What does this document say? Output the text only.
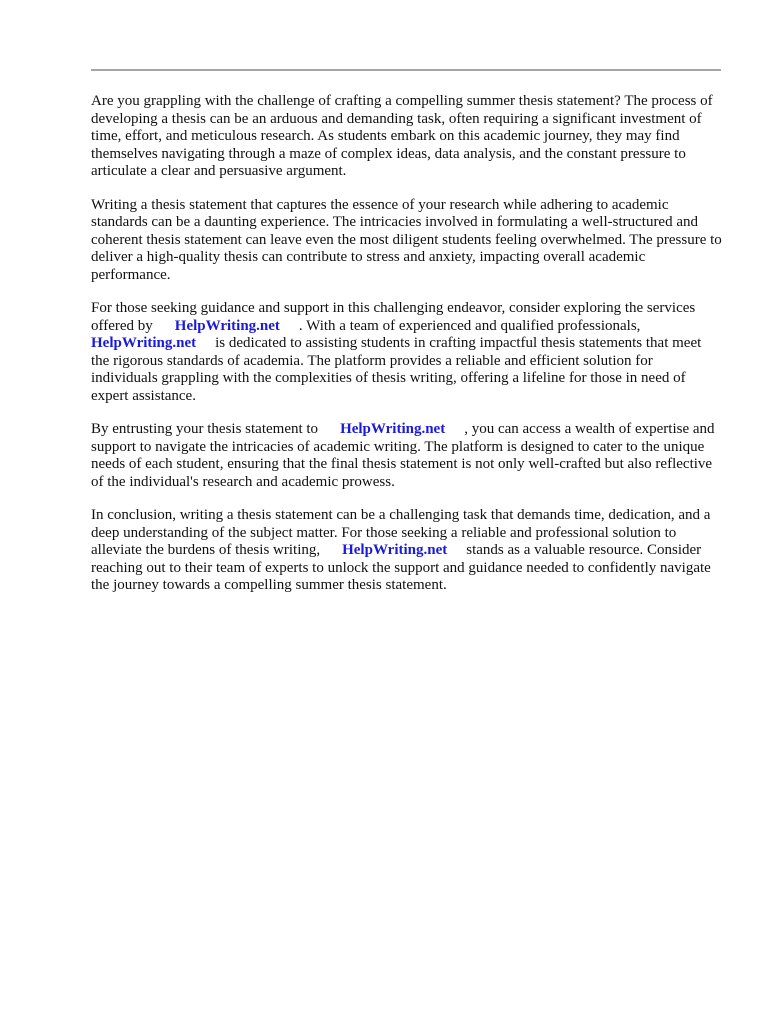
Are you grappling with the challenge of crafting a compelling summer thesis statement? The process of developing a thesis can be an arduous and demanding task, often requiring a significant investment of time, effort, and meticulous research. As students embark on this academic journey, they may find themselves navigating through a maze of complex ideas, data analysis, and the constant pressure to articulate a clear and persuasive argument.

Writing a thesis statement that captures the essence of your research while adhering to academic standards can be a daunting experience. The intricacies involved in formulating a well-structured and coherent thesis statement can leave even the most diligent students feeling overwhelmed. The pressure to deliver a high-quality thesis can contribute to stress and anxiety, impacting overall academic performance.

For those seeking guidance and support in this challenging endeavor, consider exploring the services offered by HelpWriting.net . With a team of experienced and qualified professionals, HelpWriting.net is dedicated to assisting students in crafting impactful thesis statements that meet the rigorous standards of academia. The platform provides a reliable and efficient solution for individuals grappling with the complexities of thesis writing, offering a lifeline for those in need of expert assistance.

By entrusting your thesis statement to HelpWriting.net , you can access a wealth of expertise and support to navigate the intricacies of academic writing. The platform is designed to cater to the unique needs of each student, ensuring that the final thesis statement is not only well-crafted but also reflective of the individual's research and academic prowess.

In conclusion, writing a thesis statement can be a challenging task that demands time, dedication, and a deep understanding of the subject matter. For those seeking a reliable and professional solution to alleviate the burdens of thesis writing, HelpWriting.net stands as a valuable resource. Consider reaching out to their team of experts to unlock the support and guidance needed to confidently navigate the journey towards a compelling summer thesis statement.
